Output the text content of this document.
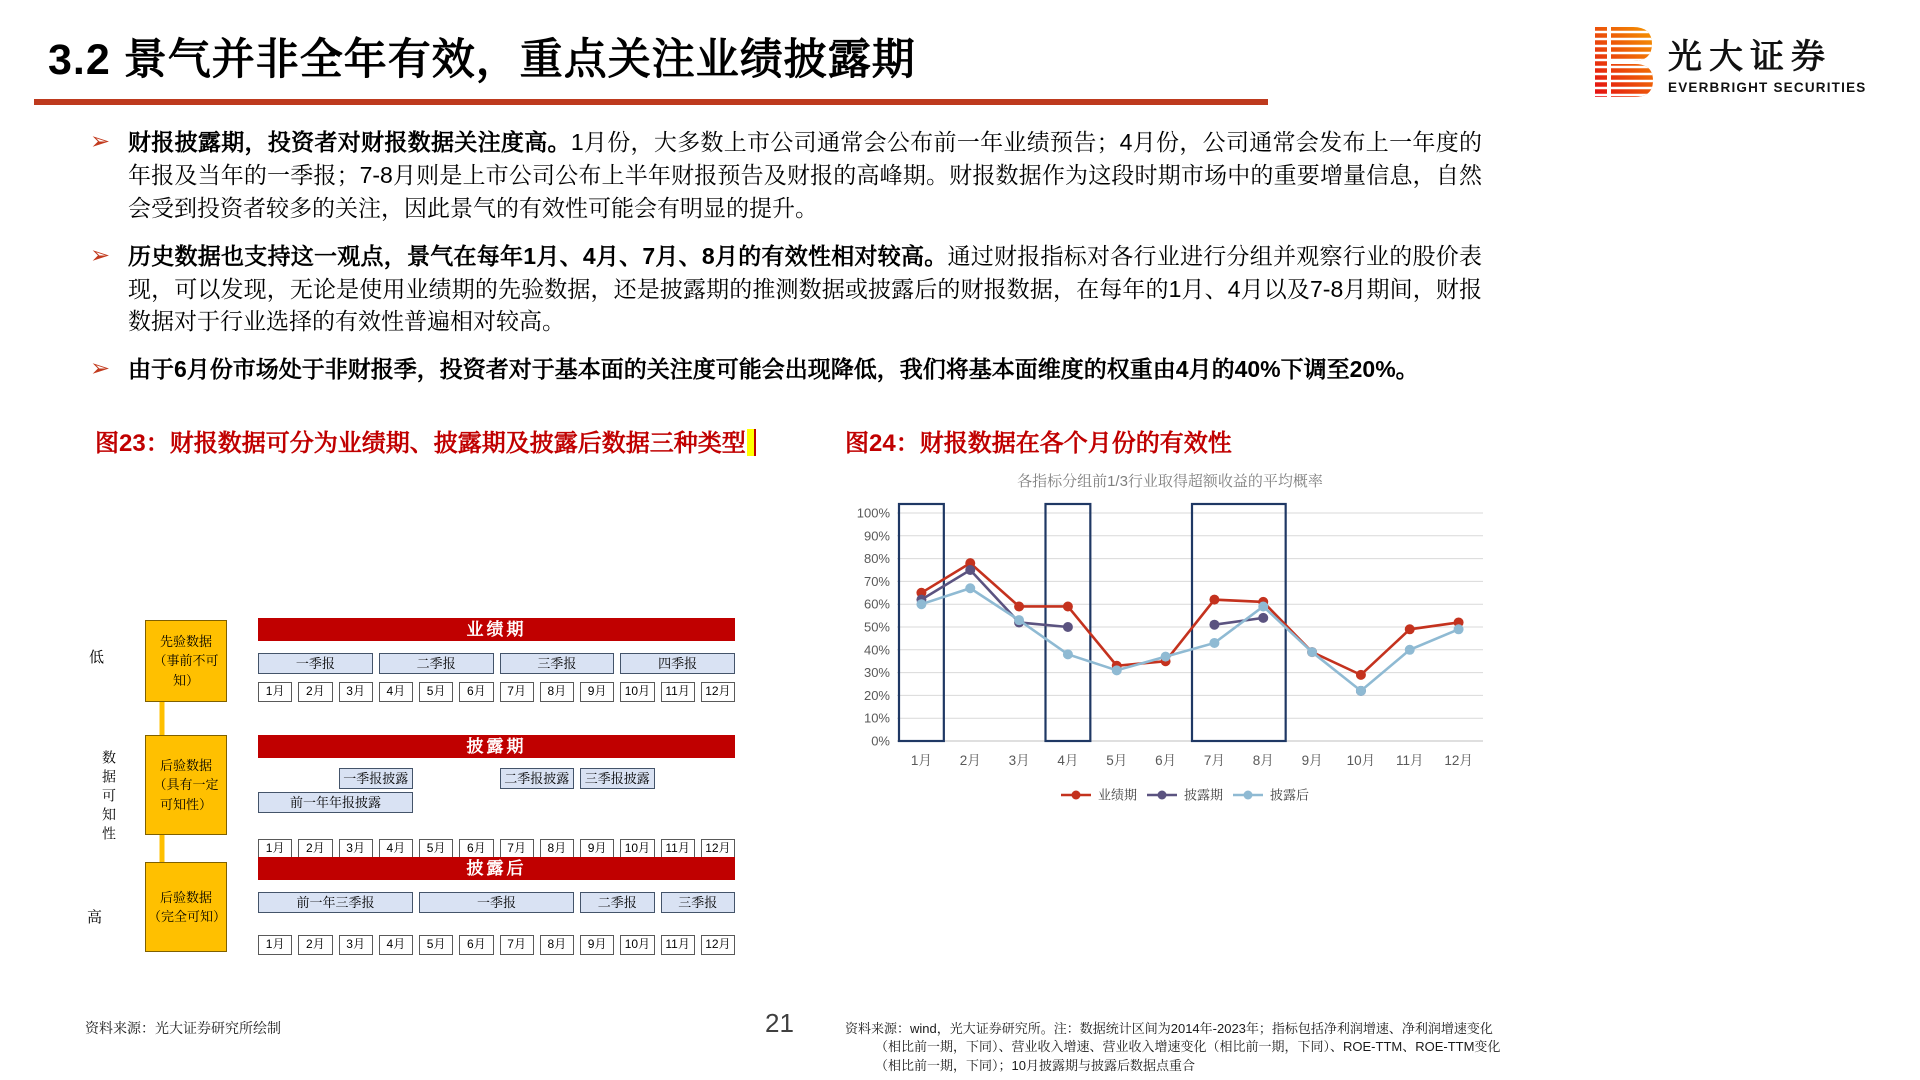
3.2 景气并非全年有效，重点关注业绩披露期	光大证券
EVERBRIGHT SECURITIES
➢ 财报披露期，投资者对财报数据关注度高。1月份，大多数上市公司通常会公布前一年业绩预告；4月份，公司通常会发布上一年度的年报及当年的一季报；7-8月则是上市公司公布上半年财报预告及财报的高峰期。财报数据作为这段时期市场中的重要增量信息，自然会受到投资者较多的关注，因此景气的有效性可能会有明显的提升。
➢ 历史数据也支持这一观点，景气在每年1月、4月、7月、8月的有效性相对较高。通过财报指标对各行业进行分组并观察行业的股价表现，可以发现，无论是使用业绩期的先验数据，还是披露期的推测数据或披露后的财报数据，在每年的1月、4月以及7-8月期间，财报数据对于行业选择的有效性普遍相对较高。
➢ 由于6月份市场处于非财报季，投资者对于基本面的关注度可能会出现降低，我们将基本面维度的权重由4月的40%下调至20%。
图23：财报数据可分为业绩期、披露期及披露后数据三种类型	图24：财报数据在各个月份的有效性
低
数据可知性
高
先验数据
（事前不可知）
后验数据
（具有一定可知性）
后验数据
（完全可知）
业绩期
一季报	二季报	三季报	四季报
1月	2月	3月	4月	5月	6月	7月	8月	9月	10月	11月	12月
披露期
一季报披露	二季报披露	三季报披露
前一年年报披露
1月	2月	3月	4月	5月	6月	7月	8月	9月	10月	11月	12月
披露后
前一年三季报	一季报	二季报	三季报
1月	2月	3月	4月	5月	6月	7月	8月	9月	10月	11月	12月
各指标分组前1/3行业取得超额收益的平均概率
0%
10%
20%
30%
40%
50%
60%
70%
80%
90%
100%
1月 2月 3月 4月 5月 6月 7月 8月 9月 10月 11月 12月
业绩期	披露期	披露后
资料来源：光大证券研究所绘制	21	资料来源：wind，光大证券研究所。注：数据统计区间为2014年-2023年；指标包括净利润增速、净利润增速变化（相比前一期，下同）、营业收入增速、营业收入增速变化（相比前一期，下同）、ROE-TTM、ROE-TTM变化（相比前一期，下同）；10月披露期与披露后数据点重合
